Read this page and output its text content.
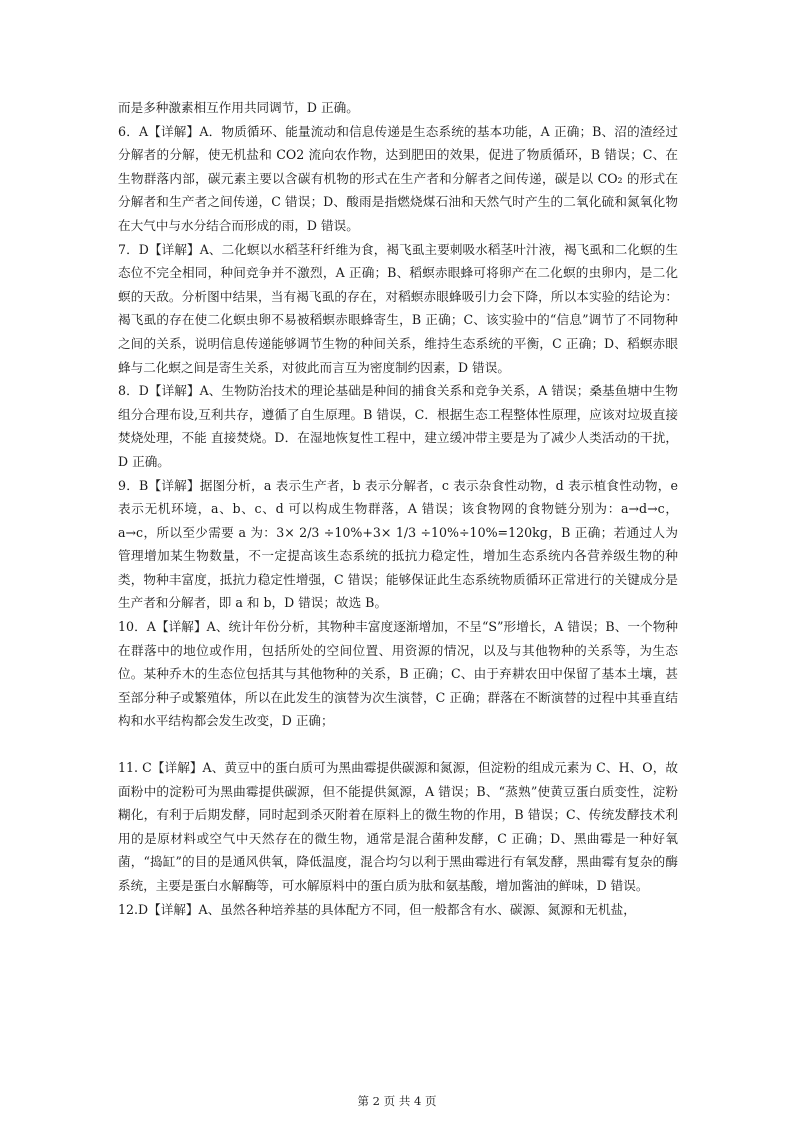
而是多种激素相互作用共同调节，D 正确。

6．A【详解】A．物质循环、能量流动和信息传递是生态系统的基本功能，A 正确；B、沼的渣经过分解者的分解，使无机盐和 CO2 流向农作物，达到肥田的效果，促进了物质循环，B 错误；C、在生物群落内部，碳元素主要以含碳有机物的形式在生产者和分解者之间传递，碳是以 CO₂ 的形式在分解者和生产者之间传递，C 错误；D、酸雨是指燃烧煤石油和天然气时产生的二氧化硫和氮氧化物在大气中与水分结合而形成的雨，D 错误。

7．D【详解】A、二化螟以水稻茎秆纤维为食，褐飞虱主要刺吸水稻茎叶汁液，褐飞虱和二化螟的生态位不完全相同，种间竞争并不激烈，A 正确；B、稻螟赤眼蜂可将卵产在二化螟的虫卵内，是二化螟的天敌。分析图中结果，当有褐飞虱的存在，对稻螟赤眼蜂吸引力会下降，所以本实验的结论为：褐飞虱的存在使二化螟虫卵不易被稻螟赤眼蜂寄生，B 正确；C、该实验中的“信息”调节了不同物种之间的关系，说明信息传递能够调节生物的种间关系，维持生态系统的平衡，C 正确；D、稻螟赤眼蜂与二化螟之间是寄生关系，对彼此而言互为密度制约因素，D 错误。

8．D【详解】A、生物防治技术的理论基础是种间的捕食关系和竞争关系，A 错误；桑基鱼塘中生物组分合理布设,互利共存，遵循了自生原理。B 错误，C．根据生态工程整体性原理，应该对垃圾直接焚烧处理，不能 直接焚烧。D．在湿地恢复性工程中，建立缓冲带主要是为了减少人类活动的干扰，D 正确。

9．B【详解】据图分析，a 表示生产者，b 表示分解者，c 表示杂食性动物，d 表示植食性动物，e 表示无机环境，a、b、c、d 可以构成生物群落，A 错误；该食物网的食物链分别为：a→d→c，a→c，所以至少需要 a 为：3× 2/3 ÷10%+3× 1/3 ÷10%÷10%=120kg，B 正确；若通过人为管理增加某生物数量，不一定提高该生态系统的抵抗力稳定性，增加生态系统内各营养级生物的种类，物种丰富度，抵抗力稳定性增强，C 错误；能够保证此生态系统物质循环正常进行的关键成分是生产者和分解者，即 a 和 b，D 错误；故选 B。

10．A【详解】A、统计年份分析，其物种丰富度逐渐增加，不呈“S”形增长，A 错误；B、一个物种在群落中的地位或作用，包括所处的空间位置、用资源的情况，以及与其他物种的关系等，为生态位。某种乔木的生态位包括其与其他物种的关系，B 正确；C、由于弃耕农田中保留了基本土壤，甚至部分种子或繁殖体，所以在此发生的演替为次生演替，C 正确；群落在不断演替的过程中其垂直结构和水平结构都会发生改变，D 正确；

11. C【详解】A、黄豆中的蛋白质可为黑曲霉提供碳源和氮源，但淀粉的组成元素为 C、H、O，故面粉中的淀粉可为黑曲霉提供碳源，但不能提供氮源，A 错误；B、“蒸熟”使黄豆蛋白质变性，淀粉糊化，有利于后期发酵，同时起到杀灭附着在原料上的微生物的作用，B 错误；C、传统发酵技术利用的是原材料或空气中天然存在的微生物，通常是混合菌种发酵，C 正确；D、黑曲霉是一种好氧菌，“捣缸”的目的是通风供氧，降低温度，混合均匀以利于黑曲霉进行有氧发酵，黑曲霉有复杂的酶系统，主要是蛋白水解酶等，可水解原料中的蛋白质为肽和氨基酸，增加酱油的鲜味，D 错误。

12.D【详解】A、虽然各种培养基的具体配方不同，但一般都含有水、碳源、氮源和无机盐，

第 2 页 共 4 页
